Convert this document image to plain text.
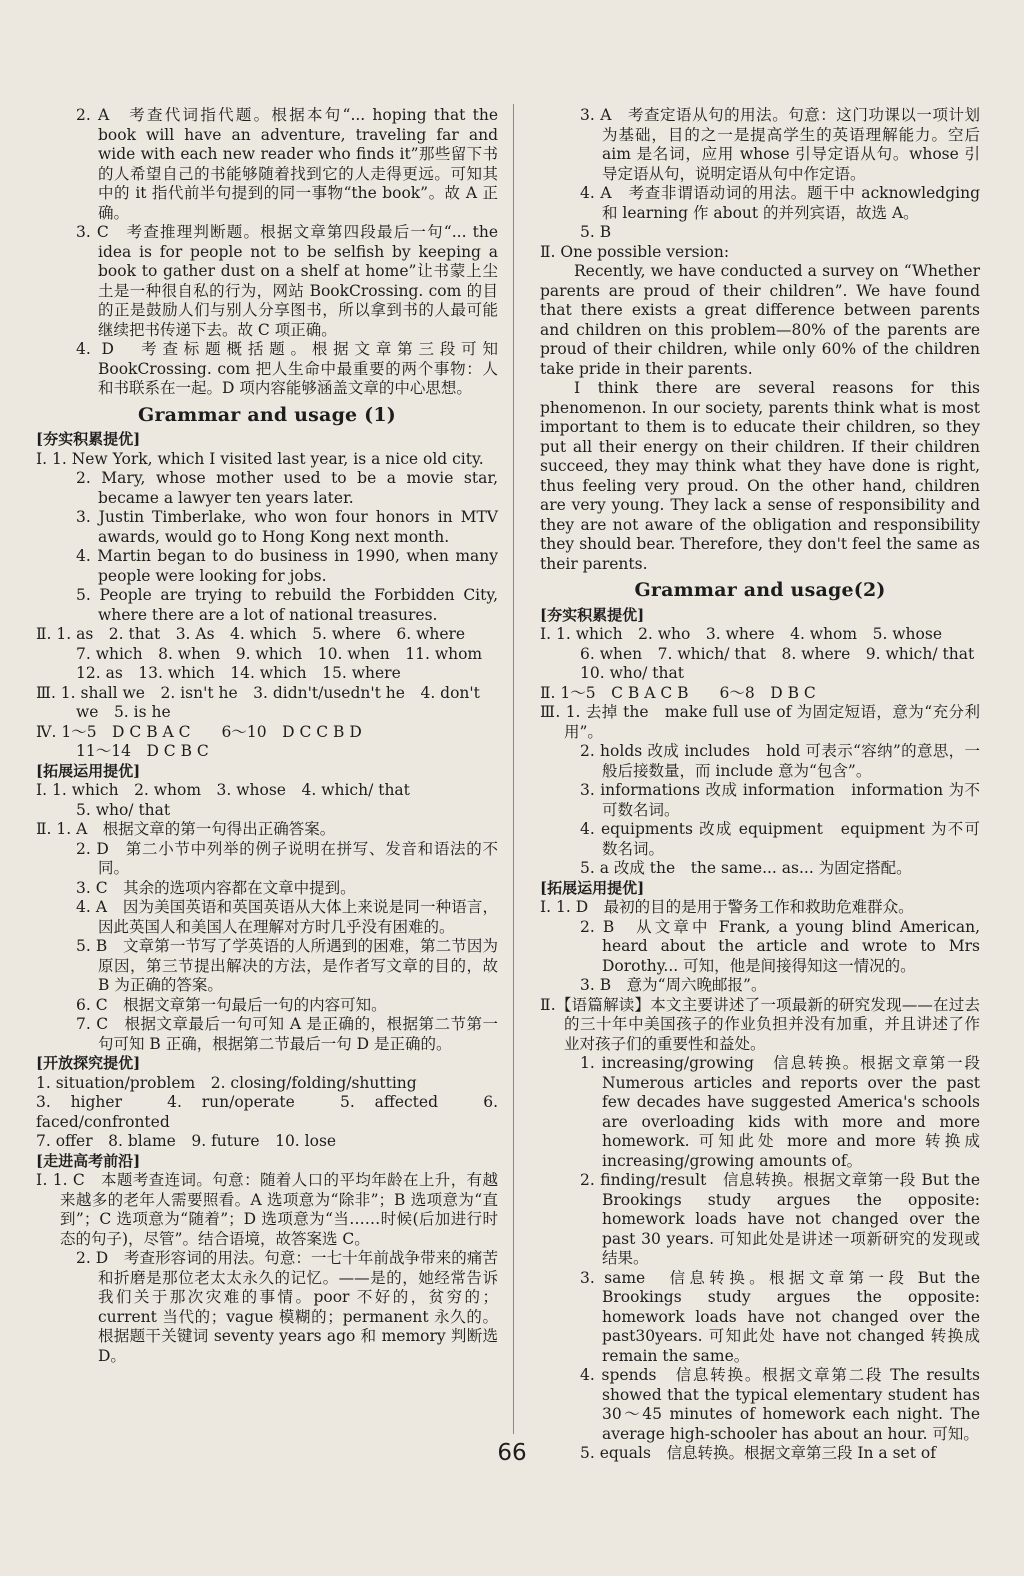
2. A　考查代词指代题。根据本句“... hoping that the book will have an adventure, traveling far and wide with each new reader who finds it”那些留下书的人希望自己的书能够随着找到它的人走得更远。可知其中的 it 指代前半句提到的同一事物“the book”。故 A 正确。

3. C　考查推理判断题。根据文章第四段最后一句“... the idea is for people not to be selfish by keeping a book to gather dust on a shelf at home”让书蒙上尘土是一种很自私的行为，网站 BookCrossing. com 的目的正是鼓励人们与别人分享图书，所以拿到书的人最可能继续把书传递下去。故 C 项正确。

4. D　考查标题概括题。根据文章第三段可知 BookCrossing. com 把人生命中最重要的两个事物：人和书联系在一起。D 项内容能够涵盖文章的中心思想。

Grammar and usage (1)

[夯实积累提优]

Ⅰ. 1. New York, which I visited last year, is a nice old city.

2. Mary, whose mother used to be a movie star, became a lawyer ten years later.

3. Justin Timberlake, who won four honors in MTV awards, would go to Hong Kong next month.

4. Martin began to do business in 1990, when many people were looking for jobs.

5. People are trying to rebuild the Forbidden City, where there are a lot of national treasures.

Ⅱ. 1. as　2. that　3. As　4. which　5. where　6. where

7. which　8. when　9. which　10. when　11. whom

12. as　13. which　14. which　15. where

Ⅲ. 1. shall we　2. isn't he　3. didn't/usedn't he　4. don't

we　5. is he

Ⅳ. 1～5　D C B A C　　6～10　D C C B D

11～14　D C B C

[拓展运用提优]

Ⅰ. 1. which　2. whom　3. whose　4. which/ that

5. who/ that

Ⅱ. 1. A　根据文章的第一句得出正确答案。

2. D　第二小节中列举的例子说明在拼写、发音和语法的不同。

3. C　其余的选项内容都在文章中提到。

4. A　因为美国英语和英国英语从大体上来说是同一种语言，因此英国人和美国人在理解对方时几乎没有困难的。

5. B　文章第一节写了学英语的人所遇到的困难，第二节因为原因，第三节提出解决的方法，是作者写文章的目的，故 B 为正确的答案。

6. C　根据文章第一句最后一句的内容可知。

7. C　根据文章最后一句可知 A 是正确的，根据第二节第一句可知 B 正确，根据第二节最后一句 D 是正确的。

[开放探究提优]

1. situation/problem　2. closing/folding/shutting

3. higher　4. run/operate　5. affected　6. faced/confronted

7. offer　8. blame　9. future　10. lose

[走进高考前沿]

Ⅰ. 1. C　本题考查连词。句意：随着人口的平均年龄在上升，有越来越多的老年人需要照看。A 选项意为“除非”；B 选项意为“直到”；C 选项意为“随着”；D 选项意为“当……时候(后加进行时态的句子)，尽管”。结合语境，故答案选 C。

2. D　考查形容词的用法。句意：一七十年前战争带来的痛苦和折磨是那位老太太永久的记忆。——是的，她经常告诉我们关于那次灾难的事情。poor 不好的，贫穷的；current 当代的；vague 模糊的；permanent 永久的。根据题干关键词 seventy years ago 和 memory 判断选 D。

3. A　考查定语从句的用法。句意：这门功课以一项计划为基础，目的之一是提高学生的英语理解能力。空后 aim 是名词，应用 whose 引导定语从句。whose 引导定语从句，说明定语从句中作定语。

4. A　考查非谓语动词的用法。题干中 acknowledging 和 learning 作 about 的并列宾语，故选 A。

5. B

Ⅱ. One possible version:

Recently, we have conducted a survey on “Whether parents are proud of their children”. We have found that there exists a great difference between parents and children on this problem—80% of the parents are proud of their children, while only 60% of the children take pride in their parents.

I think there are several reasons for this phenomenon. In our society, parents think what is most important to them is to educate their children, so they put all their energy on their children. If their children succeed, they may think what they have done is right, thus feeling very proud. On the other hand, children are very young. They lack a sense of responsibility and they are not aware of the obligation and responsibility they should bear. Therefore, they don't feel the same as their parents.

Grammar and usage(2)

[夯实积累提优]

Ⅰ. 1. which　2. who　3. where　4. whom　5. whose

6. when　7. which/ that　8. where　9. which/ that

10. who/ that

Ⅱ. 1～5　C B A C B　　6～8　D B C

Ⅲ. 1. 去掉 the　make full use of 为固定短语，意为“充分利用”。

2. holds 改成 includes　hold 可表示“容纳”的意思，一般后接数量，而 include 意为“包含”。

3. informations 改成 information　information 为不可数名词。

4. equipments 改成 equipment　equipment 为不可数名词。

5. a 改成 the　the same... as... 为固定搭配。

[拓展运用提优]

Ⅰ. 1. D　最初的目的是用于警务工作和救助危难群众。

2. B　从文章中 Frank, a young blind American, heard about the article and wrote to Mrs Dorothy... 可知，他是间接得知这一情况的。

3. B　意为“周六晚邮报”。

Ⅱ.【语篇解读】本文主要讲述了一项最新的研究发现——在过去的三十年中美国孩子的作业负担并没有加重，并且讲述了作业对孩子们的重要性和益处。

1. increasing/growing　信息转换。根据文章第一段 Numerous articles and reports over the past few decades have suggested America's schools are overloading kids with more and more homework. 可知此处 more and more 转换成 increasing/growing amounts of。

2. finding/result　信息转换。根据文章第一段 But the Brookings study argues the opposite: homework loads have not changed over the past 30 years. 可知此处是讲述一项新研究的发现或结果。

3. same　信息转换。根据文章第一段 But the Brookings study argues the opposite: homework loads have not changed over the past30years. 可知此处 have not changed 转换成 remain the same。

4. spends　信息转换。根据文章第二段 The results showed that the typical elementary student has 30～45 minutes of homework each night. The average high-schooler has about an hour. 可知。

5. equals　信息转换。根据文章第三段 In a set of

66
